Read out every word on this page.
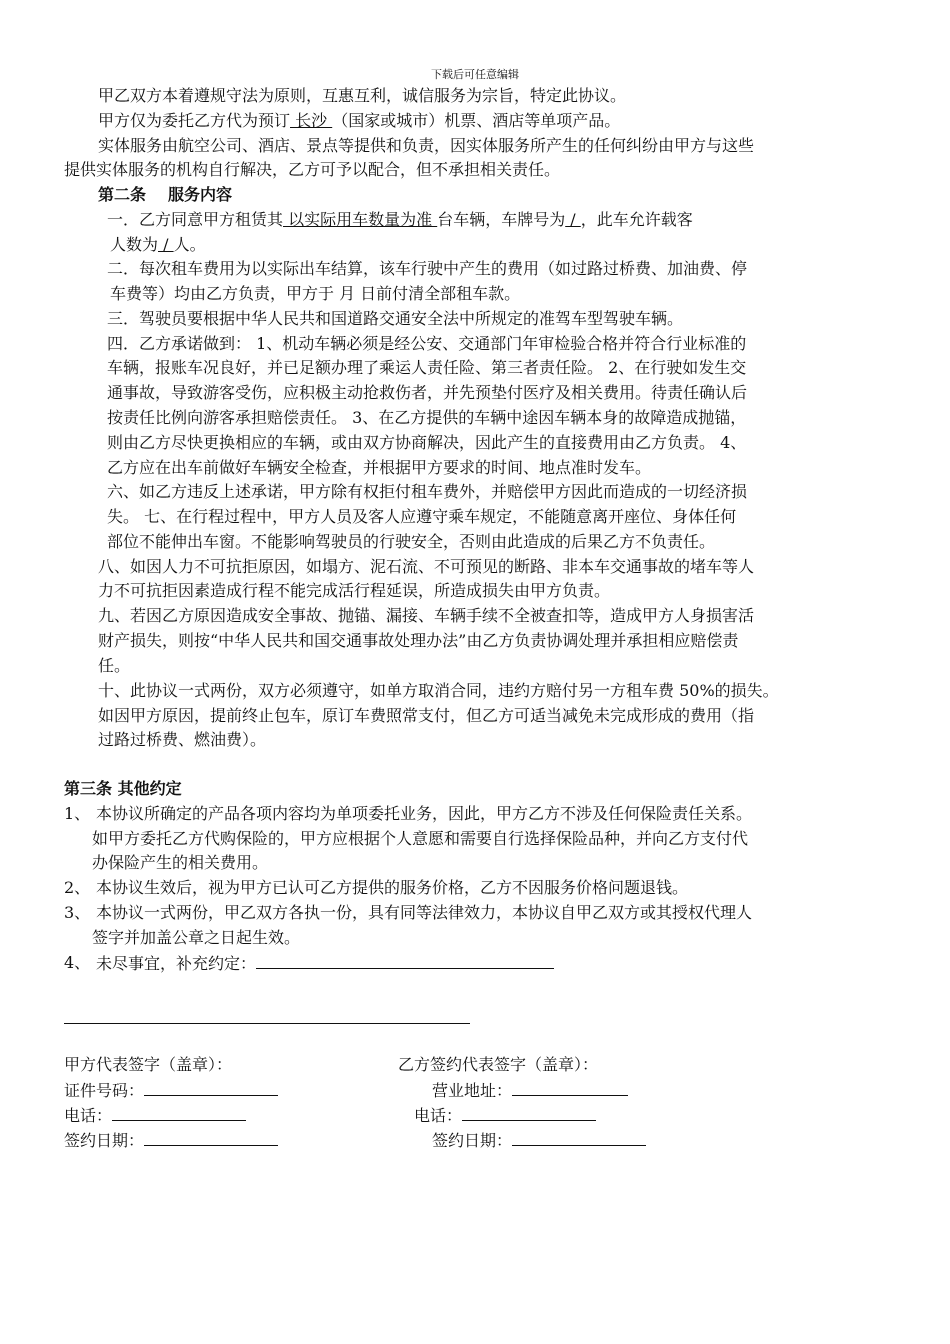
下载后可任意编辑
甲乙双方本着遵规守法为原则，互惠互利，诚信服务为宗旨，特定此协议。
甲方仅为委托乙方代为预订 长沙 （国家或城市）机票、酒店等单项产品。
实体服务由航空公司、酒店、景点等提供和负责，因实体服务所产生的任何纠纷由甲方与这些
提供实体服务的机构自行解决，乙方可予以配合，但不承担相关责任。
第二条 服务内容
一．乙方同意甲方租赁其 以实际用车数量为准 台车辆，车牌号为 / ，此车允许载客
人数为 / 人。
二．每次租车费用为以实际出车结算，该车行驶中产生的费用（如过路过桥费、加油费、停
车费等）均由乙方负责，甲方于 月 日前付清全部租车款。
三．驾驶员要根据中华人民共和国道路交通安全法中所规定的准驾车型驾驶车辆。
四．乙方承诺做到： 1、机动车辆必须是经公安、交通部门年审检验合格并符合行业标准的
车辆，报账车况良好，并已足额办理了乘运人责任险、第三者责任险。 2、在行驶如发生交
通事故，导致游客受伤，应积极主动抢救伤者，并先预垫付医疗及相关费用。待责任确认后
按责任比例向游客承担赔偿责任。 3、在乙方提供的车辆中途因车辆本身的故障造成抛锚，
则由乙方尽快更换相应的车辆，或由双方协商解决，因此产生的直接费用由乙方负责。 4、
乙方应在出车前做好车辆安全检查，并根据甲方要求的时间、地点准时发车。
六、如乙方违反上述承诺，甲方除有权拒付租车费外，并赔偿甲方因此而造成的一切经济损
失。 七、在行程过程中，甲方人员及客人应遵守乘车规定，不能随意离开座位、身体任何
部位不能伸出车窗。不能影响驾驶员的行驶安全，否则由此造成的后果乙方不负责任。
八、如因人力不可抗拒原因，如塌方、泥石流、不可预见的断路、非本车交通事故的堵车等人
力不可抗拒因素造成行程不能完成活行程延误，所造成损失由甲方负责。
九、若因乙方原因造成安全事故、抛锚、漏接、车辆手续不全被查扣等，造成甲方人身损害活
财产损失，则按“中华人民共和国交通事故处理办法”由乙方负责协调处理并承担相应赔偿责
任。
十、此协议一式两份，双方必须遵守，如单方取消合同，违约方赔付另一方租车费 50%的损失。
如因甲方原因，提前终止包车，原订车费照常支付，但乙方可适当减免未完成形成的费用（指
过路过桥费、燃油费）。
第三条 其他约定
1、 本协议所确定的产品各项内容均为单项委托业务，因此，甲方乙方不涉及任何保险责任关系。
如甲方委托乙方代购保险的，甲方应根据个人意愿和需要自行选择保险品种，并向乙方支付代
办保险产生的相关费用。
2、 本协议生效后，视为甲方已认可乙方提供的服务价格，乙方不因服务价格问题退钱。
3、 本协议一式两份，甲乙双方各执一份，具有同等法律效力，本协议自甲乙双方或其授权代理人
签字并加盖公章之日起生效。
4、 未尽事宜，补充约定：
甲方代表签字（盖章）：	乙方签约代表签字（盖章）：
证件号码：	营业地址：
电话：	电话：
签约日期：	签约日期：
